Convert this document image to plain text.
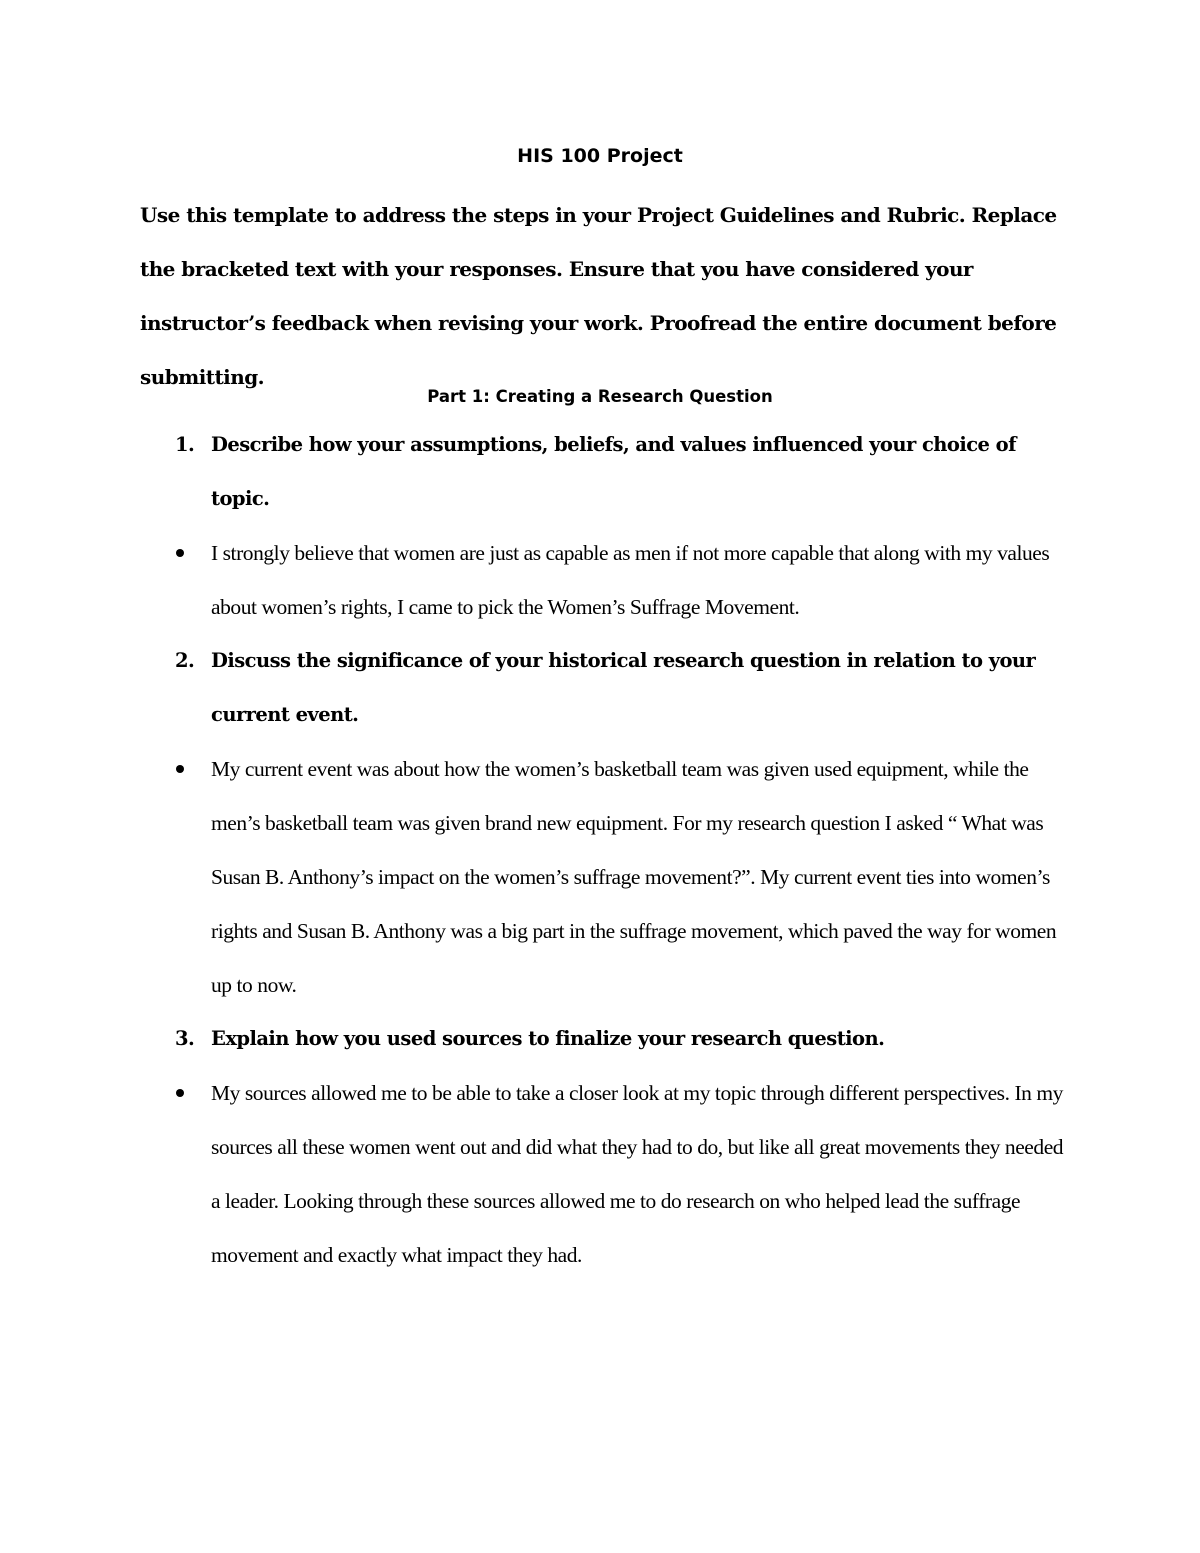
HIS 100 Project
Use this template to address the steps in your Project Guidelines and Rubric. Replace the bracketed text with your responses. Ensure that you have considered your instructor’s feedback when revising your work. Proofread the entire document before submitting.
Part 1: Creating a Research Question
1. Describe how your assumptions, beliefs, and values influenced your choice of topic.
I strongly believe that women are just as capable as men if not more capable that along with my values about women’s rights, I came to pick the Women’s Suffrage Movement.
2. Discuss the significance of your historical research question in relation to your current event.
My current event was about how the women’s basketball team was given used equipment, while the men’s basketball team was given brand new equipment. For my research question I asked “ What was Susan B. Anthony’s impact on the women’s suffrage movement?”. My current event ties into women’s rights and Susan B. Anthony was a big part in the suffrage movement, which paved the way for women up to now.
3. Explain how you used sources to finalize your research question.
My sources allowed me to be able to take a closer look at my topic through different perspectives. In my sources all these women went out and did what they had to do, but like all great movements they needed a leader. Looking through these sources allowed me to do research on who helped lead the suffrage movement and exactly what impact they had.
